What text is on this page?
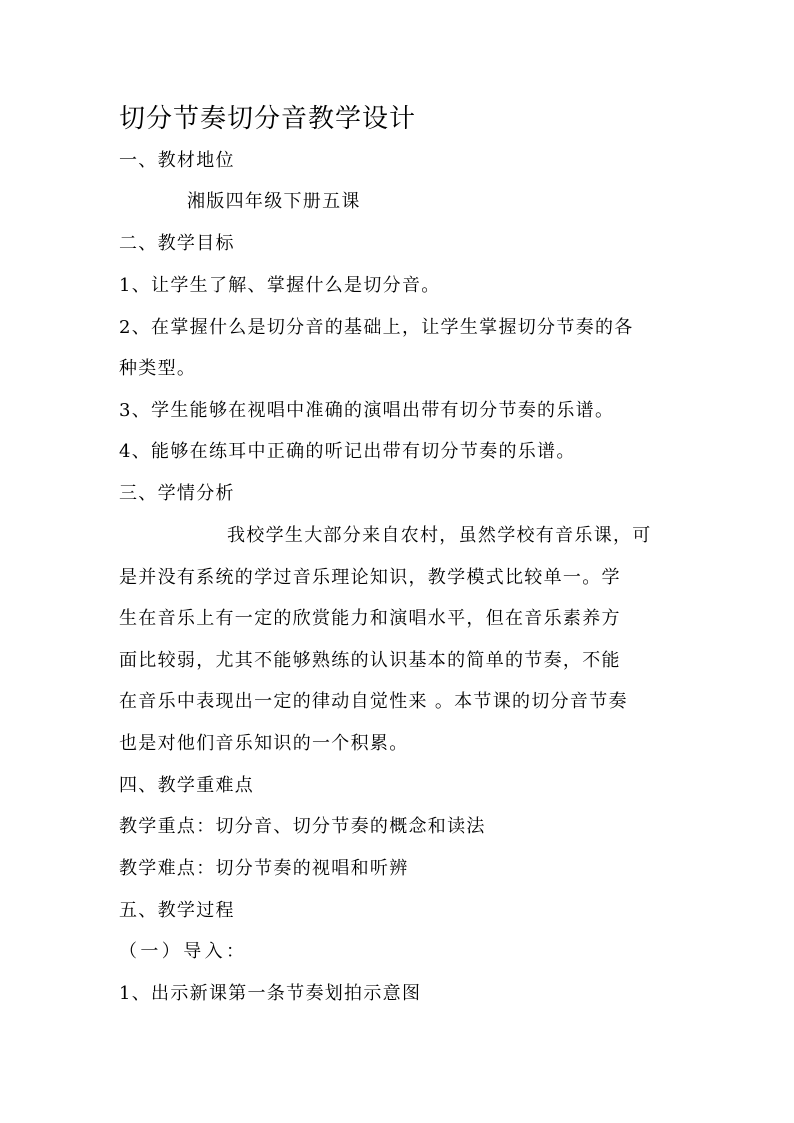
切分节奏切分音教学设计
一、教材地位
湘版四年级下册五课
二、教学目标
1、让学生了解、掌握什么是切分音。
2、在掌握什么是切分音的基础上，让学生掌握切分节奏的各
种类型。
3、学生能够在视唱中准确的演唱出带有切分节奏的乐谱。
4、能够在练耳中正确的听记出带有切分节奏的乐谱。
三、学情分析
我校学生大部分来自农村，虽然学校有音乐课，可
是并没有系统的学过音乐理论知识，教学模式比较单一。学
生在音乐上有一定的欣赏能力和演唱水平，但在音乐素养方
面比较弱，尤其不能够熟练的认识基本的简单的节奏，不能
在音乐中表现出一定的律动自觉性来 。本节课的切分音节奏
也是对他们音乐知识的一个积累。
四、教学重难点
教学重点：切分音、切分节奏的概念和读法
教学难点：切分节奏的视唱和听辨
五、教学过程
（一）导入：
1、出示新课第一条节奏划拍示意图
